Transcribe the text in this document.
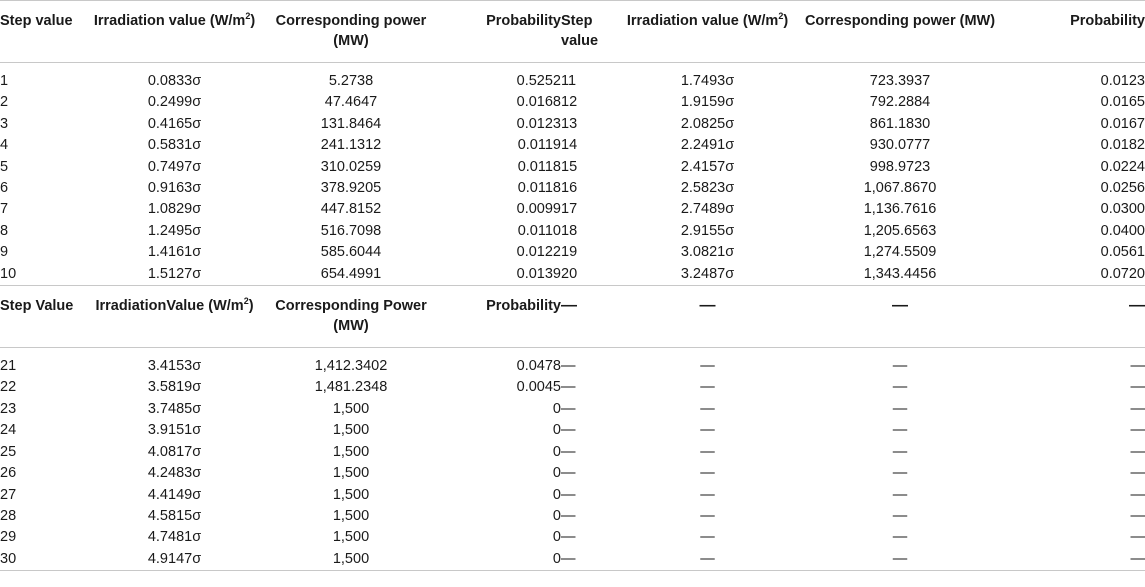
Step value	Irradiation value $(W/m^2)$	Corresponding power (MW)	Probability	Step value	Irradiation value $(W/m^2)$	Corresponding power (MW)	Probability
1	0.0833σ	5.2738	0.5252	11	1.7493σ	723.3937	0.0123
2	0.2499σ	47.4647	0.0168	12	1.9159σ	792.2884	0.0165
3	0.4165σ	131.8464	0.0123	13	2.0825σ	861.1830	0.0167
4	0.5831σ	241.1312	0.0119	14	2.2491σ	930.0777	0.0182
5	0.7497σ	310.0259	0.0118	15	2.4157σ	998.9723	0.0224
6	0.9163σ	378.9205	0.0118	16	2.5823σ	1,067.8670	0.0256
7	1.0829σ	447.8152	0.0099	17	2.7489σ	1,136.7616	0.0300
8	1.2495σ	516.7098	0.0110	18	2.9155σ	1,205.6563	0.0400
9	1.4161σ	585.6044	0.0122	19	3.0821σ	1,274.5509	0.0561
10	1.5127σ	654.4991	0.0139	20	3.2487σ	1,343.4456	0.0720
Step Value	IrradiationValue $(W/m^2)$	Corresponding Power (MW)	Probability	—	—	—	—
21	3.4153σ	1,412.3402	0.0478	—	—	—	—
22	3.5819σ	1,481.2348	0.0045	—	—	—	—
23	3.7485σ	1,500	0	—	—	—	—
24	3.9151σ	1,500	0	—	—	—	—
25	4.0817σ	1,500	0	—	—	—	—
26	4.2483σ	1,500	0	—	—	—	—
27	4.4149σ	1,500	0	—	—	—	—
28	4.5815σ	1,500	0	—	—	—	—
29	4.7481σ	1,500	0	—	—	—	—
30	4.9147σ	1,500	0	—	—	—	—
